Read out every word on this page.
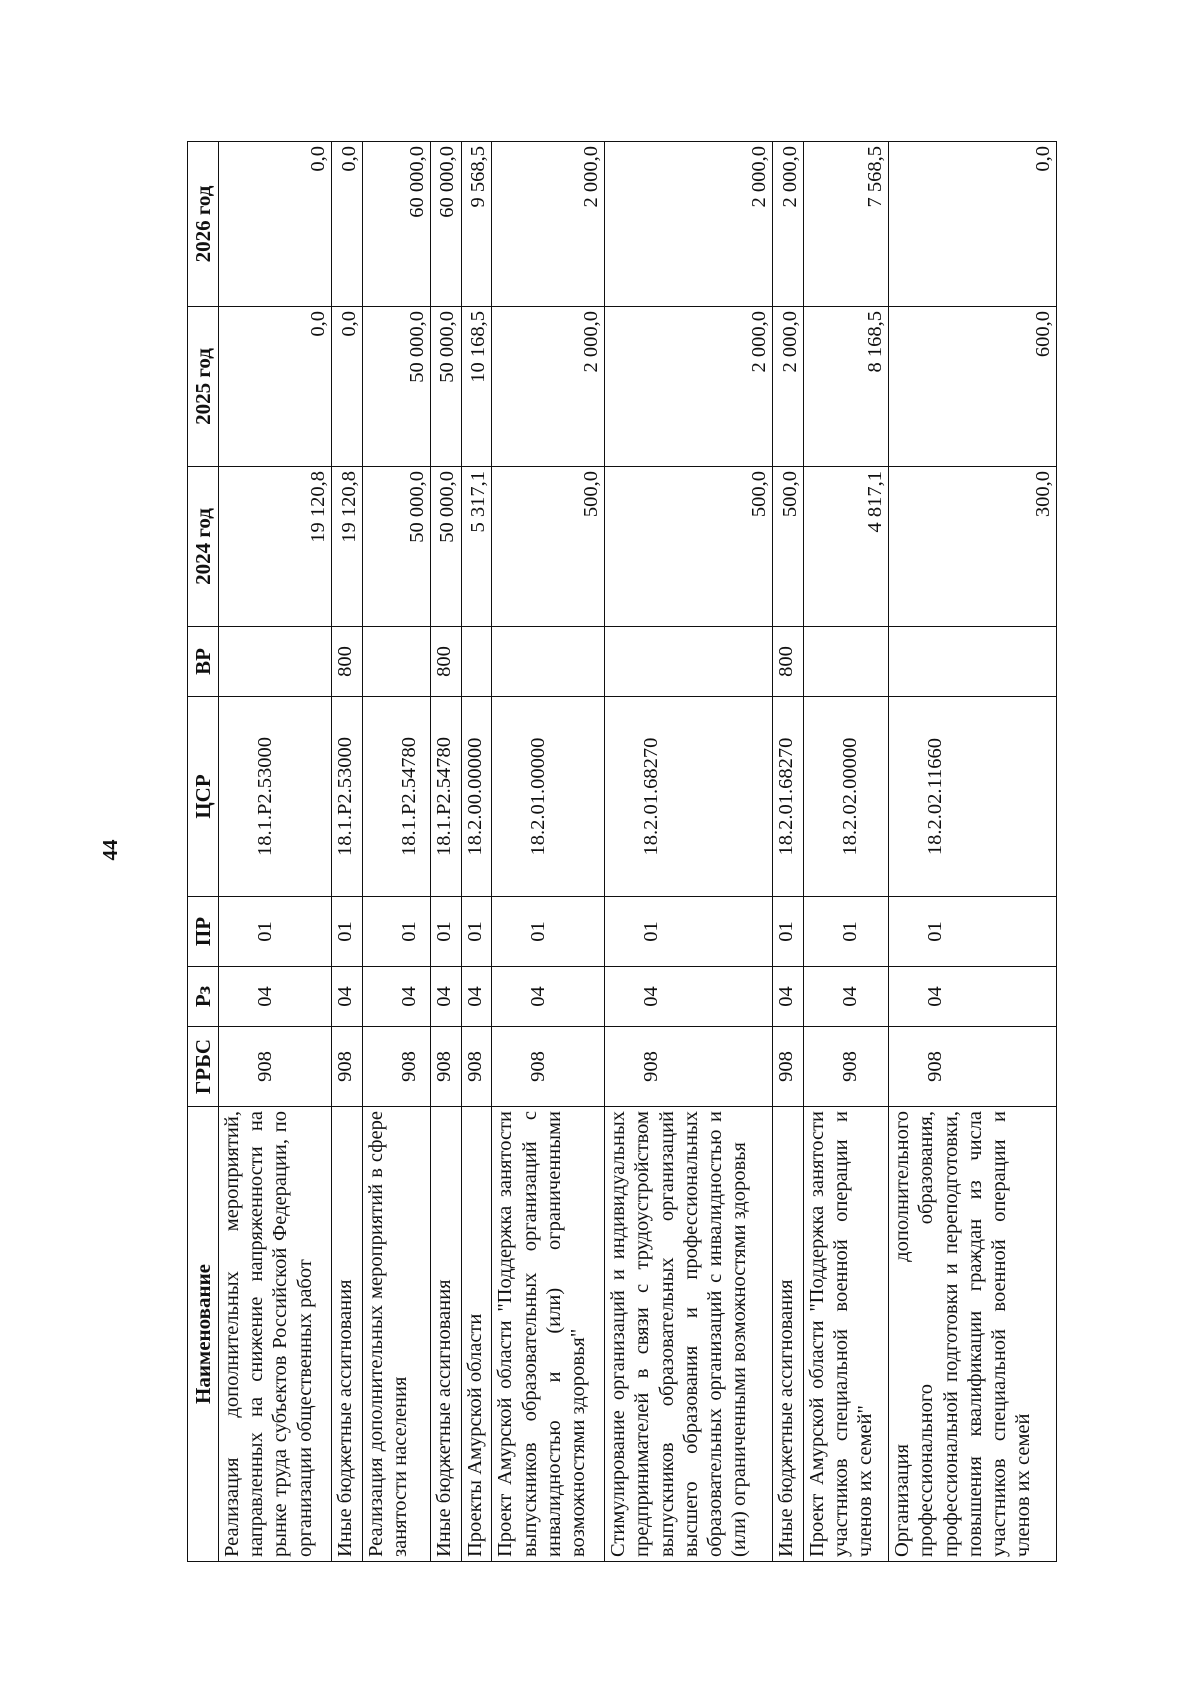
44
Наименование	ГРБС	Рз	ПР	ЦСР	ВР	2024 год	2025 год	2026 год
Реализация дополнительных мероприятий, направленных на снижение напряженности на рынке труда субъектов Российской Федерации, по организации общественных работ	908	04	01	18.1.P2.53000		19 120,8	0,0	0,0
Иные бюджетные ассигнования	908	04	01	18.1.P2.53000	800	19 120,8	0,0	0,0
Реализация дополнительных мероприятий в сфере занятости населения	908	04	01	18.1.P2.54780		50 000,0	50 000,0	60 000,0
Иные бюджетные ассигнования	908	04	01	18.1.P2.54780	800	50 000,0	50 000,0	60 000,0
Проекты Амурской области	908	04	01	18.2.00.00000		5 317,1	10 168,5	9 568,5
Проект Амурской области "Поддержка занятости выпускников образовательных организаций с инвалидностью и (или) ограниченными возможностями здоровья"	908	04	01	18.2.01.00000		500,0	2 000,0	2 000,0
Стимулирование организаций и индивидуальных предпринимателей в связи с трудоустройством выпускников образовательных организаций высшего образования и профессиональных образовательных организаций с инвалидностью и (или) ограниченными возможностями здоровья	908	04	01	18.2.01.68270		500,0	2 000,0	2 000,0
Иные бюджетные ассигнования	908	04	01	18.2.01.68270	800	500,0	2 000,0	2 000,0
Проект Амурской области "Поддержка занятости участников специальной военной операции и членов их семей"	908	04	01	18.2.02.00000		4 817,1	8 168,5	7 568,5
Организация дополнительного профессионального образования, профессиональной подготовки и переподготовки, повышения квалификации граждан из числа участников специальной военной операции и членов их семей	908	04	01	18.2.02.11660		300,0	600,0	0,0
